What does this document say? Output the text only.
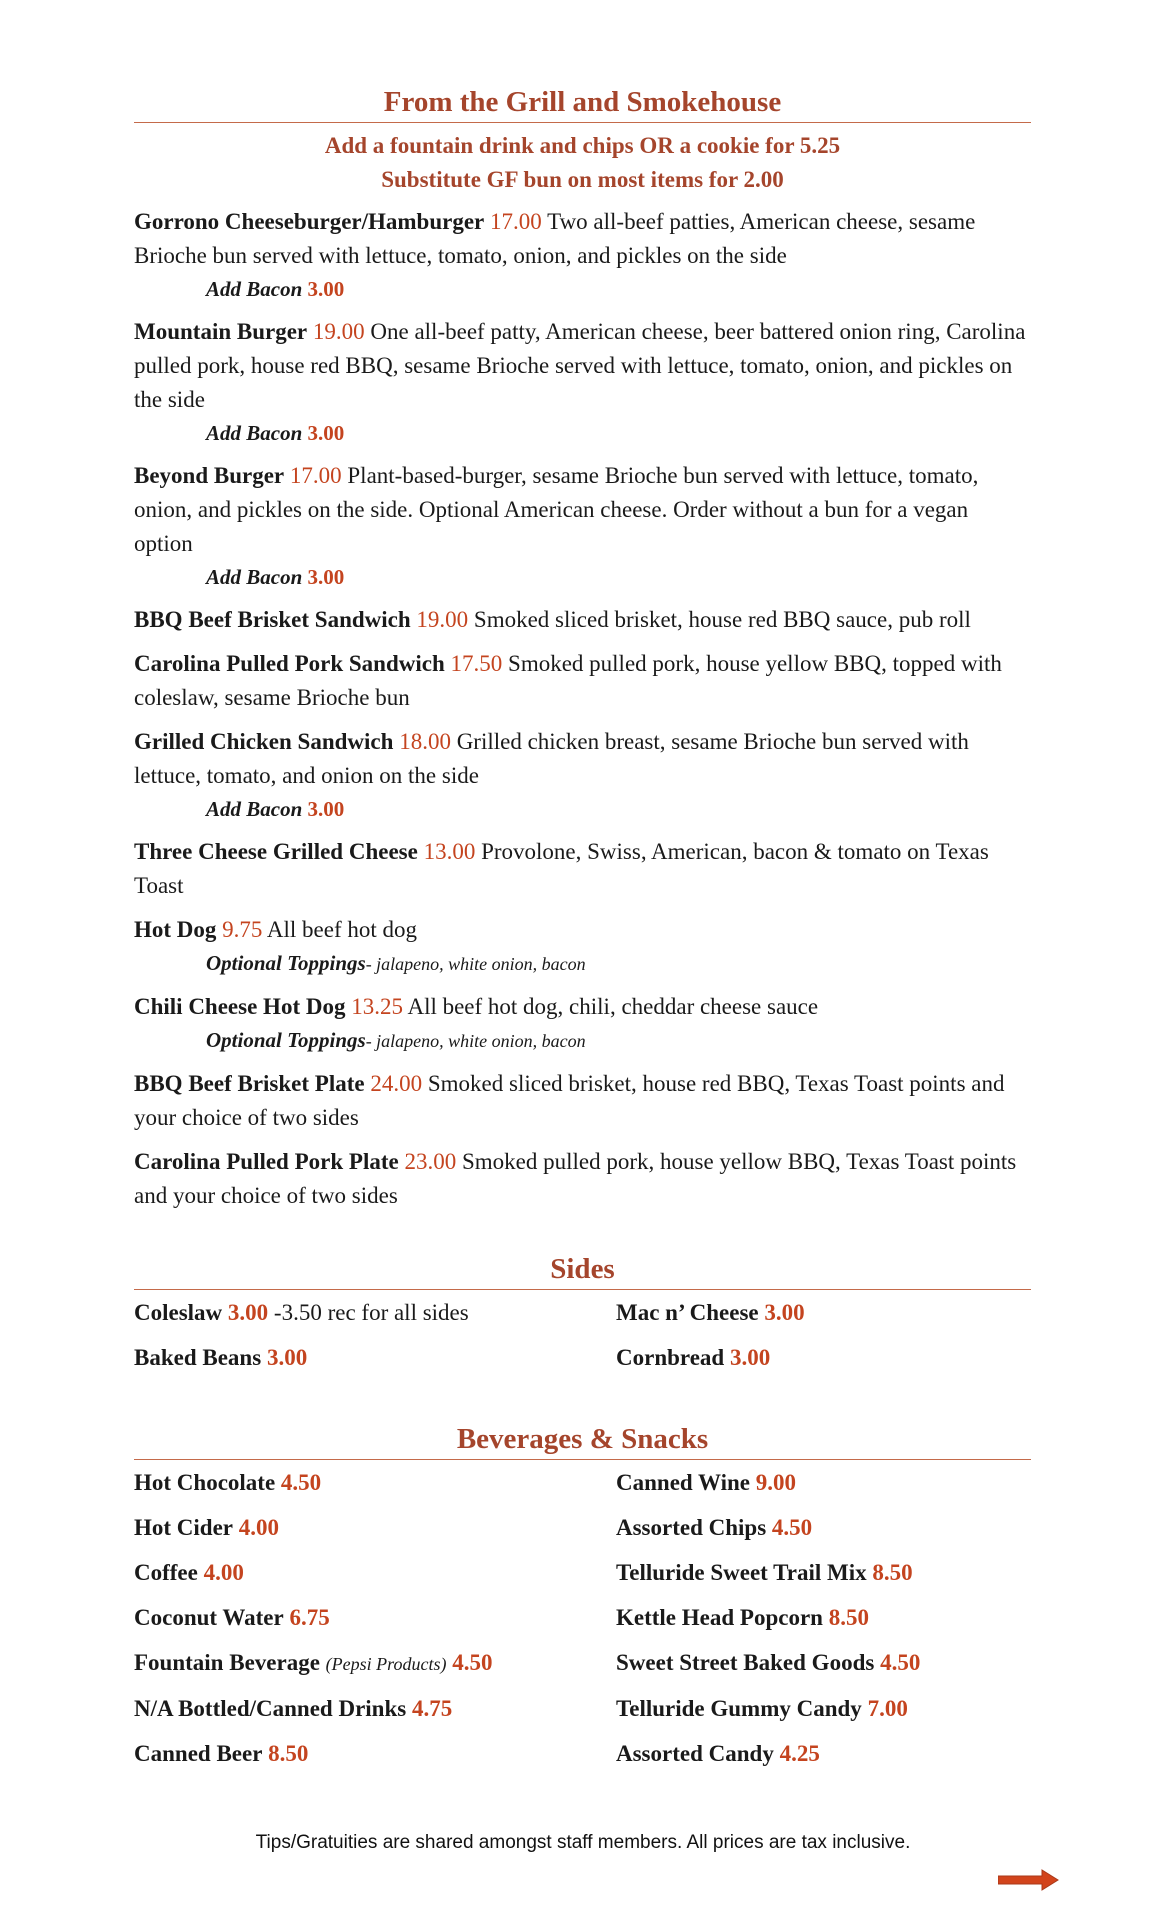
From the Grill and Smokehouse
Add a fountain drink and chips OR a cookie for 5.25
Substitute GF bun on most items for 2.00
Gorrono Cheeseburger/Hamburger 17.00 Two all-beef patties, American cheese, sesame Brioche bun served with lettuce, tomato, onion, and pickles on the side
Add Bacon 3.00
Mountain Burger 19.00 One all-beef patty, American cheese, beer battered onion ring, Carolina pulled pork, house red BBQ, sesame Brioche served with lettuce, tomato, onion, and pickles on the side
Add Bacon 3.00
Beyond Burger 17.00 Plant-based-burger, sesame Brioche bun served with lettuce, tomato, onion, and pickles on the side. Optional American cheese. Order without a bun for a vegan option
Add Bacon 3.00
BBQ Beef Brisket Sandwich 19.00 Smoked sliced brisket, house red BBQ sauce, pub roll
Carolina Pulled Pork Sandwich 17.50 Smoked pulled pork, house yellow BBQ, topped with coleslaw, sesame Brioche bun
Grilled Chicken Sandwich 18.00 Grilled chicken breast, sesame Brioche bun served with lettuce, tomato, and onion on the side
Add Bacon 3.00
Three Cheese Grilled Cheese 13.00 Provolone, Swiss, American, bacon & tomato on Texas Toast
Hot Dog 9.75 All beef hot dog
Optional Toppings- jalapeno, white onion, bacon
Chili Cheese Hot Dog 13.25 All beef hot dog, chili, cheddar cheese sauce
Optional Toppings- jalapeno, white onion, bacon
BBQ Beef Brisket Plate 24.00 Smoked sliced brisket, house red BBQ, Texas Toast points and your choice of two sides
Carolina Pulled Pork Plate 23.00 Smoked pulled pork, house yellow BBQ, Texas Toast points and your choice of two sides
Sides
Coleslaw 3.00 -3.50 rec for all sides	Mac n’ Cheese 3.00
Baked Beans 3.00	Cornbread 3.00
Beverages & Snacks
Hot Chocolate 4.50	Canned Wine 9.00
Hot Cider 4.00	Assorted Chips 4.50
Coffee 4.00	Telluride Sweet Trail Mix 8.50
Coconut Water 6.75	Kettle Head Popcorn 8.50
Fountain Beverage (Pepsi Products) 4.50	Sweet Street Baked Goods 4.50
N/A Bottled/Canned Drinks 4.75	Telluride Gummy Candy 7.00
Canned Beer 8.50	Assorted Candy 4.25
Tips/Gratuities are shared amongst staff members. All prices are tax inclusive.
